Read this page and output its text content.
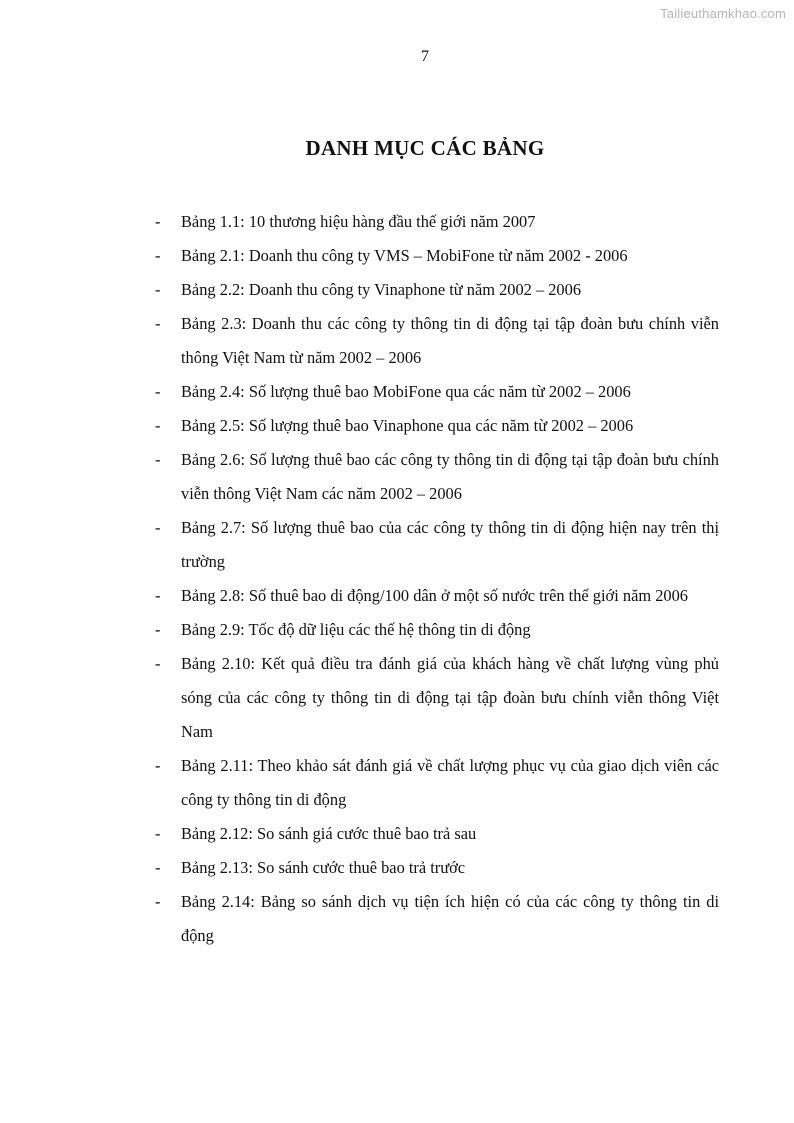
Tailieuthamkhao.com
7
DANH MỤC CÁC BẢNG
- Bảng 1.1: 10 thương hiệu hàng đầu thế giới năm 2007
- Bảng 2.1: Doanh thu công ty VMS – MobiFone từ năm 2002 - 2006
- Bảng 2.2: Doanh thu công ty Vinaphone từ năm 2002 – 2006
- Bảng 2.3: Doanh thu các công ty thông tin di động tại tập đoàn bưu chính viễn thông Việt Nam từ năm 2002 – 2006
- Bảng 2.4: Số lượng thuê bao MobiFone qua các năm từ 2002 – 2006
- Bảng 2.5: Số lượng thuê bao Vinaphone qua các năm từ 2002 – 2006
- Bảng 2.6: Số lượng thuê bao các công ty thông tin di động tại tập đoàn bưu chính viễn thông Việt Nam các năm 2002 – 2006
- Bảng 2.7: Số lượng thuê bao của các công ty thông tin di động hiện nay trên thị trường
- Bảng 2.8: Số thuê bao di động/100 dân ở một số nước trên thế giới năm 2006
- Bảng 2.9: Tốc độ dữ liệu các thế hệ thông tin di động
- Bảng 2.10: Kết quả điều tra đánh giá của khách hàng về chất lượng vùng phủ sóng của các công ty thông tin di động tại tập đoàn bưu chính viễn thông Việt Nam
- Bảng 2.11: Theo khảo sát đánh giá về chất lượng phục vụ của giao dịch viên các công ty thông tin di động
- Bảng 2.12: So sánh giá cước thuê bao trả sau
- Bảng 2.13: So sánh cước thuê bao trả trước
- Bảng 2.14: Bảng so sánh dịch vụ tiện ích hiện có của các công ty thông tin di động
